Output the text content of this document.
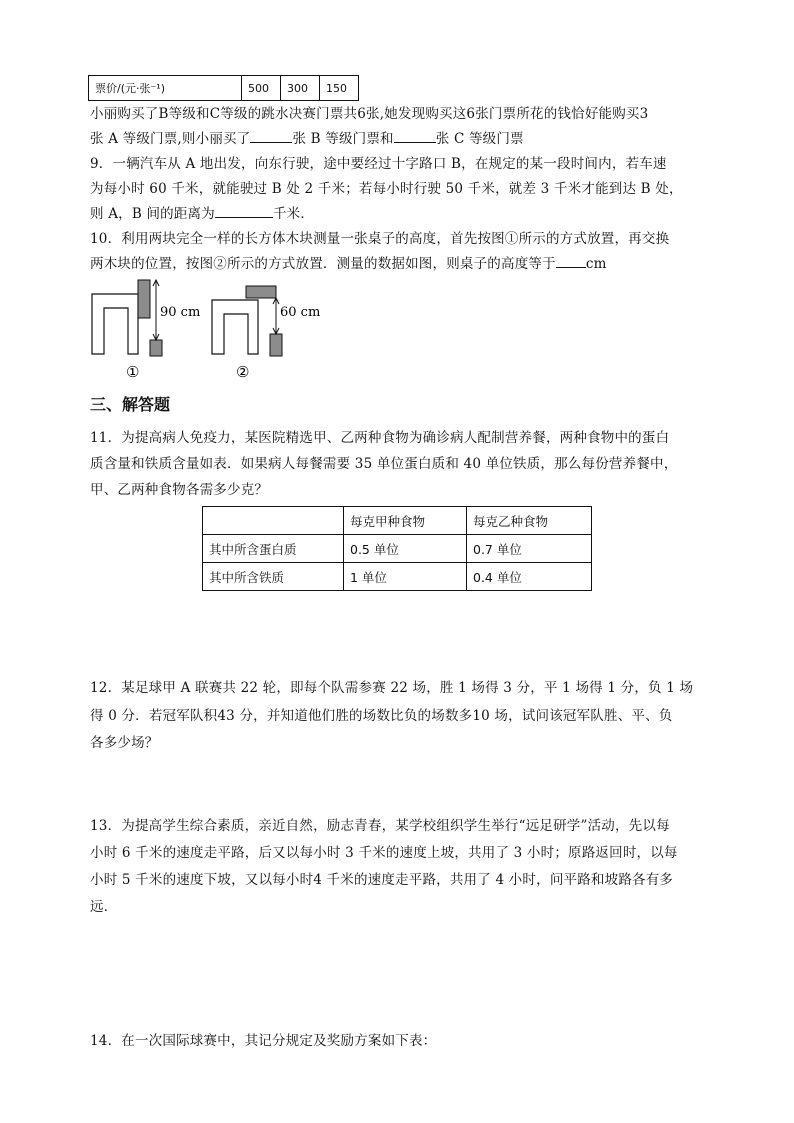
票价/(元·张⁻¹)	500	300	150
小丽购买了B等级和C等级的跳水决赛门票共6张,她发现购买这6张门票所花的钱恰好能购买3
张 A 等级门票,则小丽买了	张 B 等级门票和	张 C 等级门票
9．一辆汽车从 A 地出发，向东行驶，途中要经过十字路口 B，在规定的某一段时间内，若车速
为每小时 60 千米，就能驶过 B 处 2 千米；若每小时行驶 50 千米，就差 3 千米才能到达 B 处，
则 A，B 间的距离为	千米．
10．利用两块完全一样的长方体木块测量一张桌子的高度，首先按图①所示的方式放置，再交换
两木块的位置，按图②所示的方式放置．测量的数据如图，则桌子的高度等于 cm
90 cm
①
60 cm
②
三、解答题
11．为提高病人免疫力，某医院精选甲、乙两种食物为确诊病人配制营养餐，两种食物中的蛋白
质含量和铁质含量如表．如果病人每餐需要 35 单位蛋白质和 40 单位铁质，那么每份营养餐中，
甲、乙两种食物各需多少克？
	每克甲种食物	每克乙种食物
其中所含蛋白质	0.5 单位	0.7 单位
其中所含铁质	1 单位	0.4 单位
12．某足球甲 A 联赛共 22 轮，即每个队需参赛 22 场，胜 1 场得 3 分，平 1 场得 1 分，负 1 场
得 0 分．若冠军队积43 分，并知道他们胜的场数比负的场数多10 场，试问该冠军队胜、平、负
各多少场？
13．为提高学生综合素质，亲近自然，励志青春，某学校组织学生举行“远足研学”活动，先以每
小时 6 千米的速度走平路，后又以每小时 3 千米的速度上坡，共用了 3 小时；原路返回时，以每
小时 5 千米的速度下坡，又以每小时4 千米的速度走平路，共用了 4 小时，问平路和坡路各有多
远．
14．在一次国际球赛中，其记分规定及奖励方案如下表：
